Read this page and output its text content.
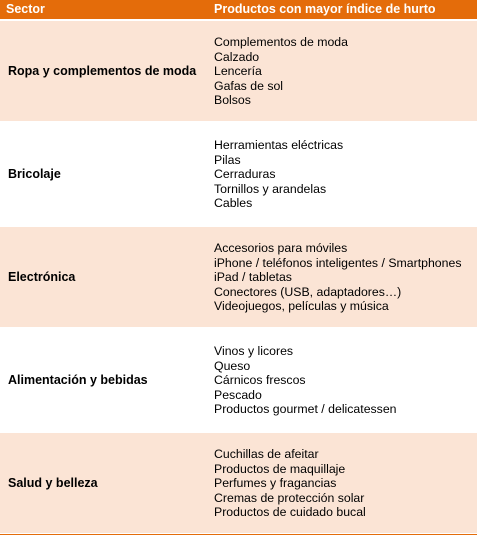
Sector	Productos con mayor índice de hurto
Ropa y complementos de moda
Complementos de moda
Calzado
Lencería
Gafas de sol
Bolsos
Bricolaje
Herramientas eléctricas
Pilas
Cerraduras
Tornillos y arandelas
Cables
Electrónica
Accesorios para móviles
iPhone / teléfonos inteligentes / Smartphones
iPad / tabletas
Conectores (USB, adaptadores…)
Videojuegos, películas y música
Alimentación y bebidas
Vinos y licores
Queso
Cárnicos frescos
Pescado
Productos gourmet / delicatessen
Salud y belleza
Cuchillas de afeitar
Productos de maquillaje
Perfumes y fragancias
Cremas de protección solar
Productos de cuidado bucal
